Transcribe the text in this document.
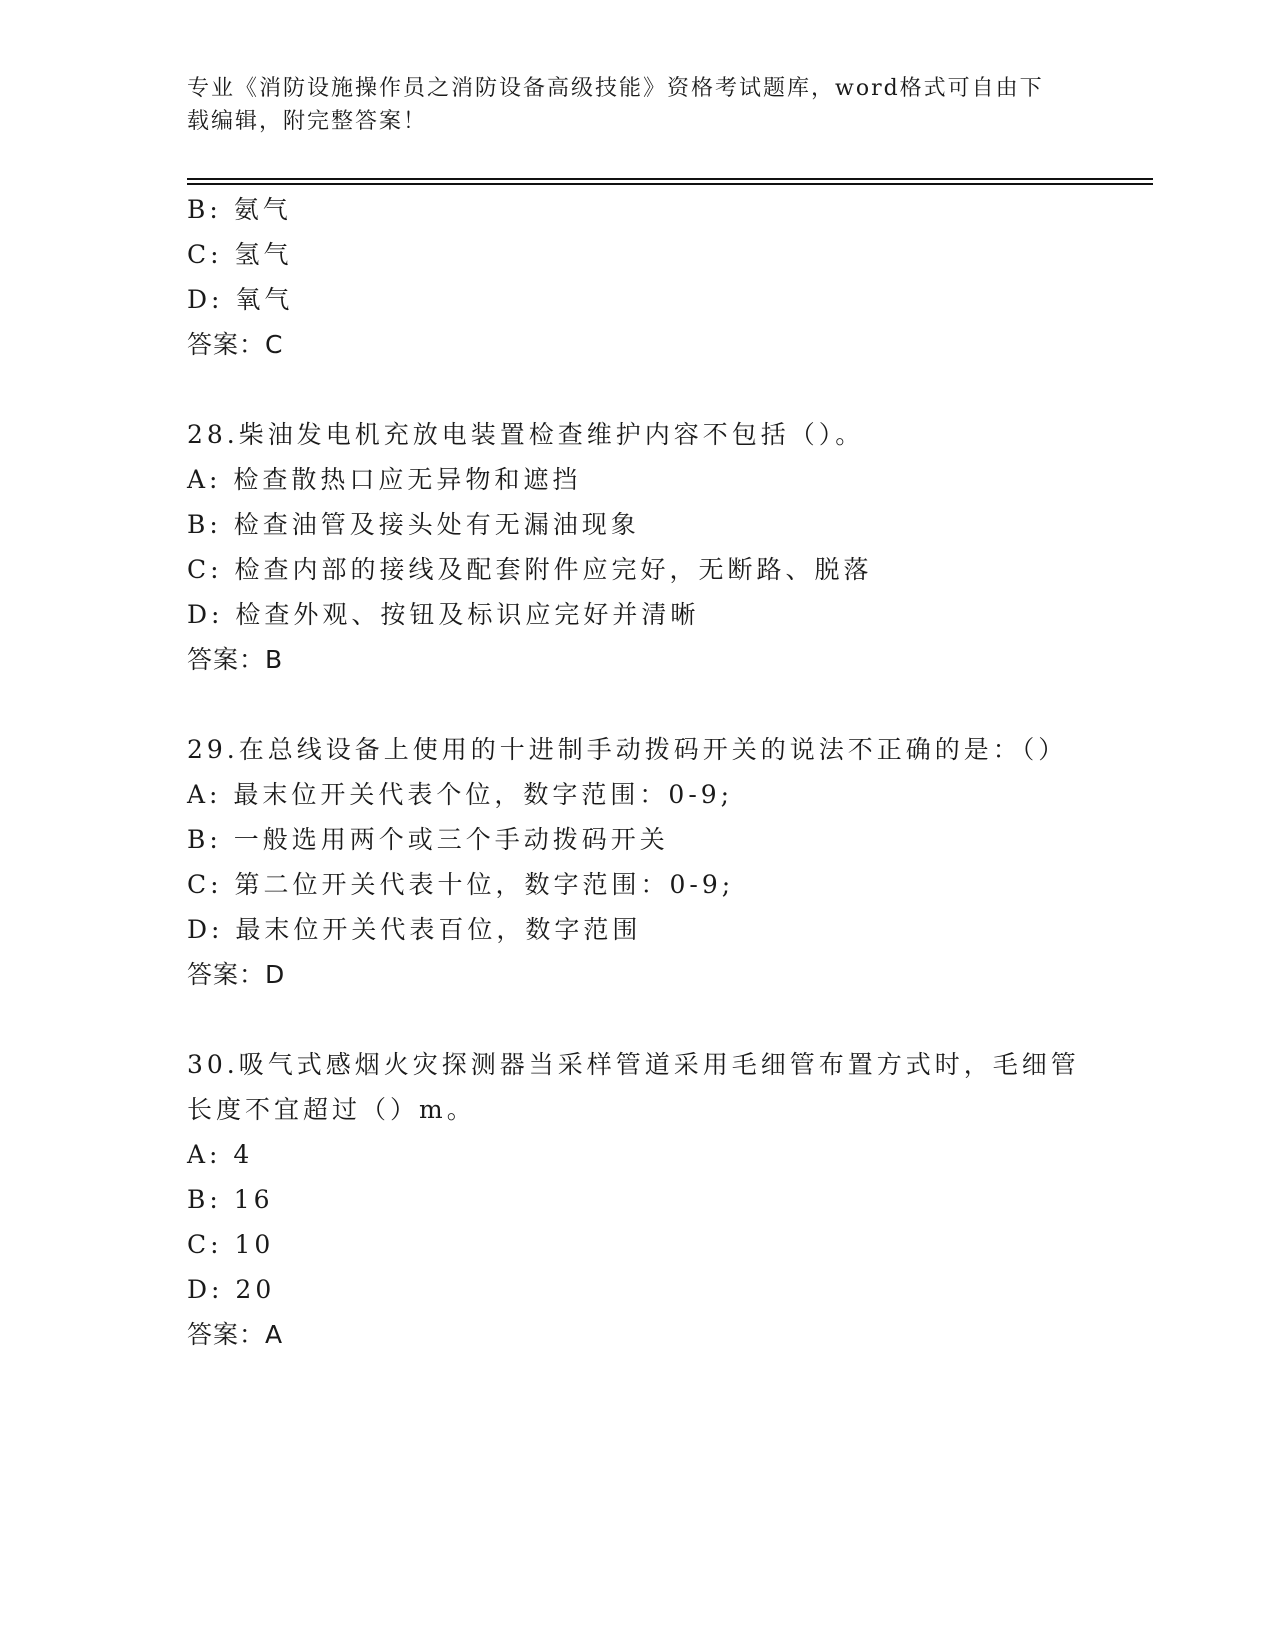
专业《消防设施操作员之消防设备高级技能》资格考试题库，word格式可自由下
载编辑，附完整答案！
B: 氨气
C: 氢气
D: 氧气
答案：C
28.柴油发电机充放电装置检查维护内容不包括（）。
A: 检查散热口应无异物和遮挡
B: 检查油管及接头处有无漏油现象
C: 检查内部的接线及配套附件应完好，无断路、脱落
D: 检查外观、按钮及标识应完好并清晰
答案：B
29.在总线设备上使用的十进制手动拨码开关的说法不正确的是：（）
A: 最末位开关代表个位，数字范围：0-9;
B: 一般选用两个或三个手动拨码开关
C: 第二位开关代表十位，数字范围：0-9;
D: 最末位开关代表百位，数字范围
答案：D
30.吸气式感烟火灾探测器当采样管道采用毛细管布置方式时，毛细管
长度不宜超过（）m。
A: 4
B: 16
C: 10
D: 20
答案：A
